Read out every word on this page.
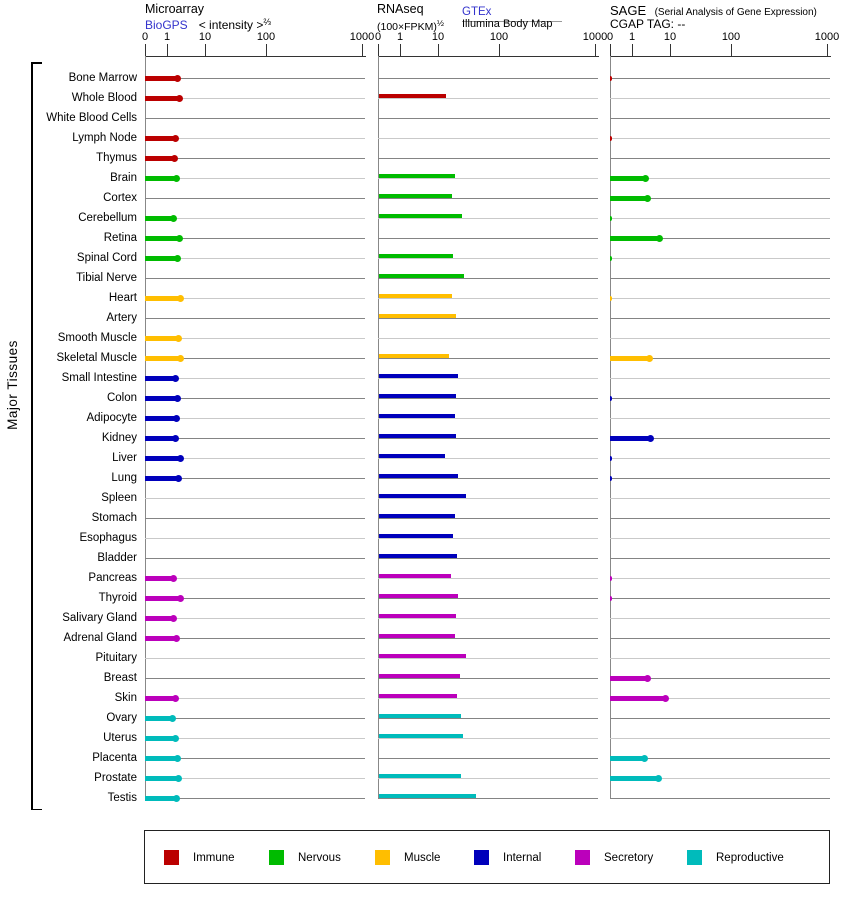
Microarray
BioGPS < intensity >$^{\frac{2}{3}}$
RNAseq
(100×FPKM)$^{\frac{1}{2}}$
GTEx
Illumina Body Map
SAGE (Serial Analysis of Gene Expression)
CGAP TAG: --
Major Tissues
0	1	10	100	1000 0	1	10	100	1000 0	1	10	100	1000
Bone Marrow
Whole Blood
White Blood Cells
Lymph Node
Thymus
Brain
Cortex
Cerebellum
Retina
Spinal Cord
Tibial Nerve
Heart
Artery
Smooth Muscle
Skeletal Muscle
Small Intestine
Colon
Adipocyte
Kidney
Liver
Lung
Spleen
Stomach
Esophagus
Bladder
Pancreas
Thyroid
Salivary Gland
Adrenal Gland
Pituitary
Breast
Skin
Ovary
Uterus
Placenta
Prostate
Testis
Immune	Nervous	Muscle	Internal	Secretory	Reproductive
